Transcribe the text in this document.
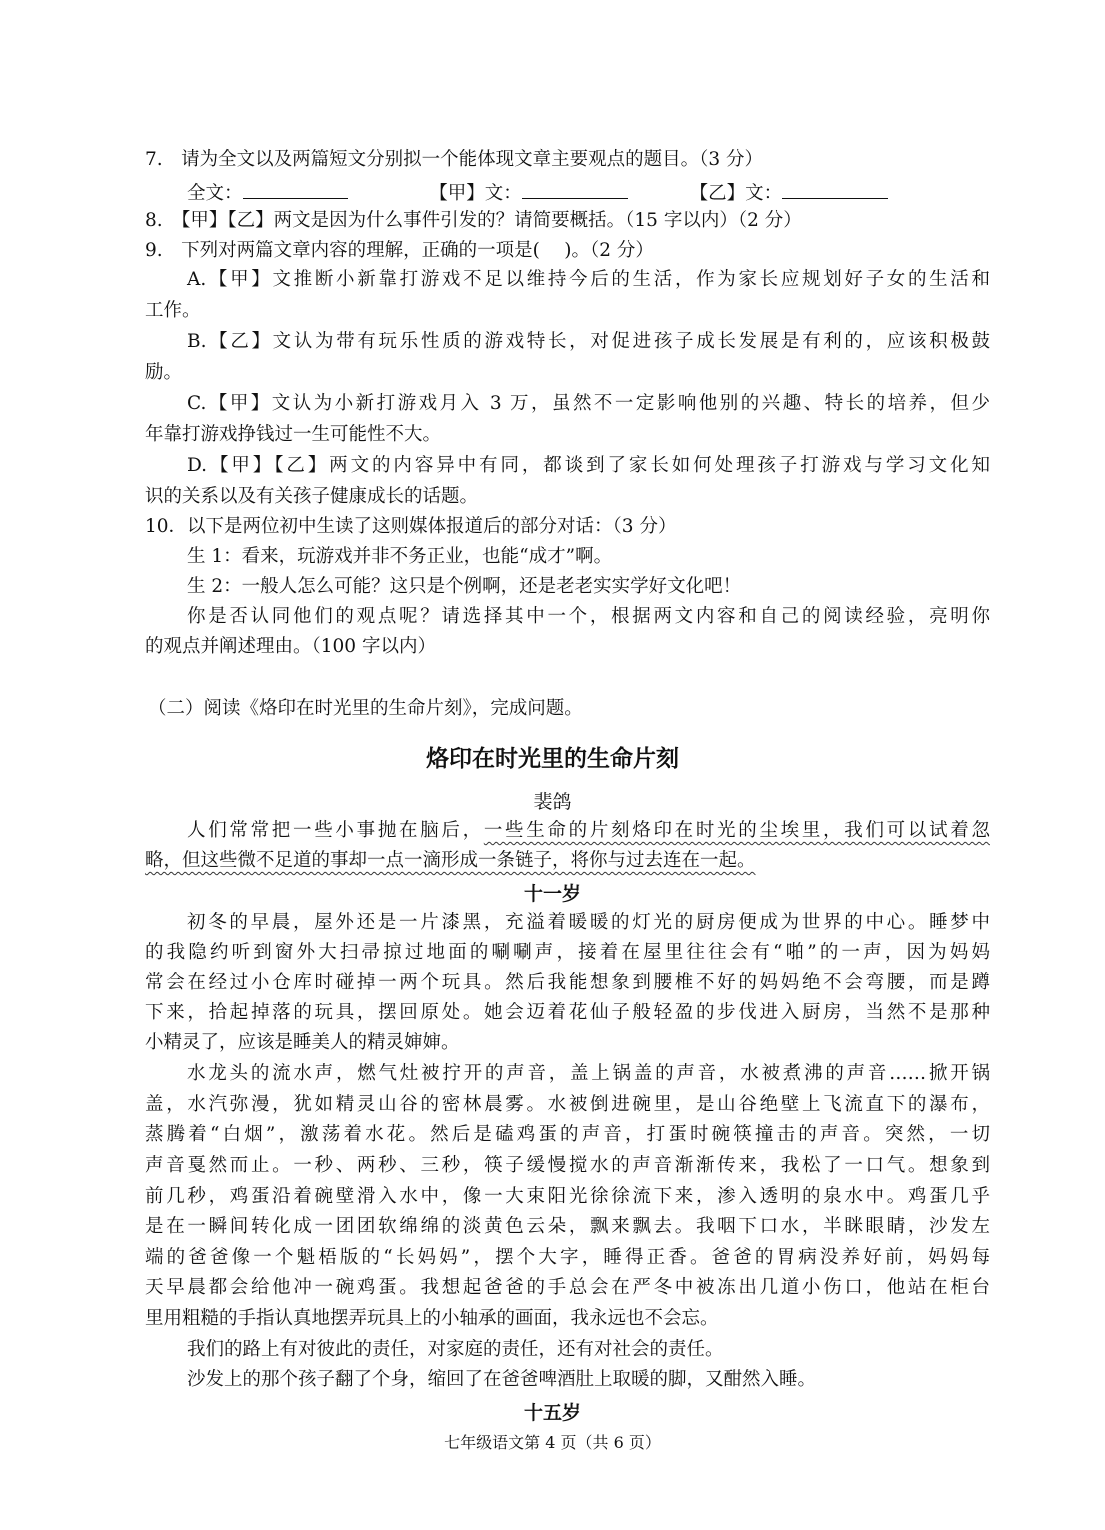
7.　请为全文以及两篇短文分别拟一个能体现文章主要观点的题目。（3 分）
全文：	【甲】文：	【乙】文：
8.　【甲】【乙】两文是因为什么事件引发的？请简要概括。（15 字以内）（2 分）
9.　下列对两篇文章内容的理解，正确的一项是(　 )。（2 分）
A.【甲】文推断小新靠打游戏不足以维持今后的生活，作为家长应规划好子女的生活和
工作。
B.【乙】文认为带有玩乐性质的游戏特长，对促进孩子成长发展是有利的，应该积极鼓
励。
C.【甲】文认为小新打游戏月入 3 万，虽然不一定影响他别的兴趣、特长的培养，但少
年靠打游戏挣钱过一生可能性不大。
D.【甲】【乙】两文的内容异中有同，都谈到了家长如何处理孩子打游戏与学习文化知
识的关系以及有关孩子健康成长的话题。
10．以下是两位初中生读了这则媒体报道后的部分对话：（3 分）
生 1：看来，玩游戏并非不务正业，也能“成才”啊。
生 2：一般人怎么可能？这只是个例啊，还是老老实实学好文化吧！
你是否认同他们的观点呢？请选择其中一个，根据两文内容和自己的阅读经验，亮明你
的观点并阐述理由。（100 字以内）
（二）阅读《烙印在时光里的生命片刻》，完成问题。
烙印在时光里的生命片刻
裴鸽
人们常常把一些小事抛在脑后，一些生命的片刻烙印在时光的尘埃里，我们可以试着忽
略，但这些微不足道的事却一点一滴形成一条链子，将你与过去连在一起。
十一岁
初冬的早晨，屋外还是一片漆黑，充溢着暖暖的灯光的厨房便成为世界的中心。睡梦中
的我隐约听到窗外大扫帚掠过地面的唰唰声，接着在屋里往往会有“啪”的一声，因为妈妈
常会在经过小仓库时碰掉一两个玩具。然后我能想象到腰椎不好的妈妈绝不会弯腰，而是蹲
下来，拾起掉落的玩具，摆回原处。她会迈着花仙子般轻盈的步伐进入厨房，当然不是那种
小精灵了，应该是睡美人的精灵婶婶。
水龙头的流水声，燃气灶被拧开的声音，盖上锅盖的声音，水被煮沸的声音……掀开锅
盖，水汽弥漫，犹如精灵山谷的密林晨雾。水被倒进碗里，是山谷绝壁上飞流直下的瀑布，
蒸腾着“白烟”，激荡着水花。然后是磕鸡蛋的声音，打蛋时碗筷撞击的声音。突然，一切
声音戛然而止。一秒、两秒、三秒，筷子缓慢搅水的声音渐渐传来，我松了一口气。想象到
前几秒，鸡蛋沿着碗壁滑入水中，像一大束阳光徐徐流下来，渗入透明的泉水中。鸡蛋几乎
是在一瞬间转化成一团团软绵绵的淡黄色云朵，飘来飘去。我咽下口水，半眯眼睛，沙发左
端的爸爸像一个魁梧版的“长妈妈”，摆个大字，睡得正香。爸爸的胃病没养好前，妈妈每
天早晨都会给他冲一碗鸡蛋。我想起爸爸的手总会在严冬中被冻出几道小伤口，他站在柜台
里用粗糙的手指认真地摆弄玩具上的小轴承的画面，我永远也不会忘。
我们的路上有对彼此的责任，对家庭的责任，还有对社会的责任。
沙发上的那个孩子翻了个身，缩回了在爸爸啤酒肚上取暖的脚，又酣然入睡。
十五岁
七年级语文第 4 页（共 6 页）
